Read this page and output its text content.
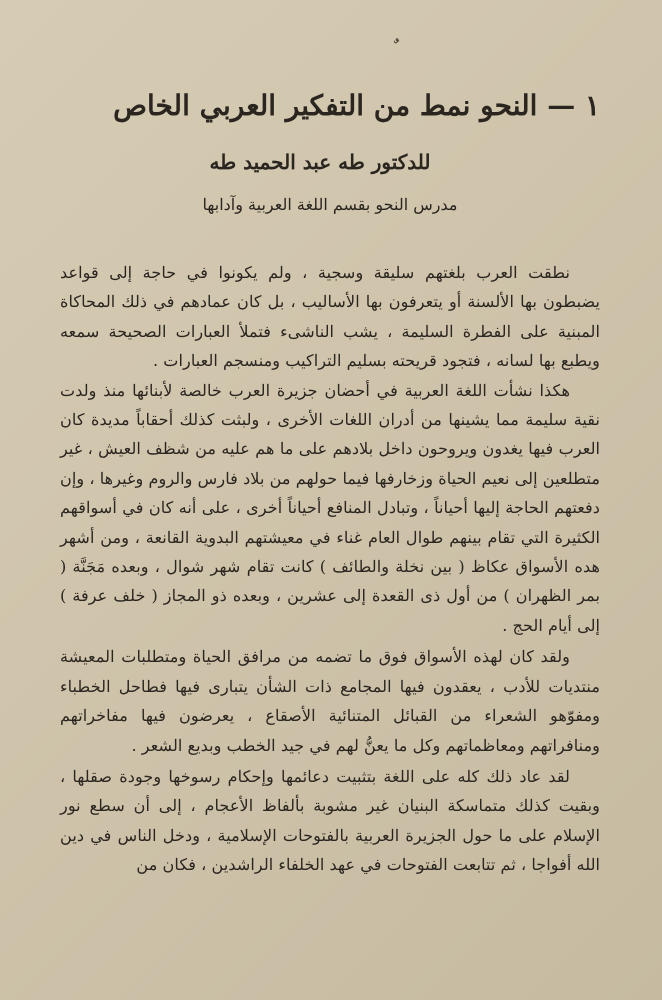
١ — النحو نمط من التفكير العربي الخاص
للدكتور طه عبد الحميد طه
مدرس النحو بقسم اللغة العربية وآدابها

نطقت العرب بلغتهم سليقة وسجية ، ولم يكونوا في حاجة إلى قواعد يضبطون بها الألسنة أو يتعرفون بها الأساليب ، بل كان عمادهم في ذلك المحاكاة المبنية على الفطرة السليمة ، يشب الناشىء فتملأ العبارات الصحيحة سمعه ويطبع بها لسانه ، فتجود قريحته بسليم التراكيب ومنسجم العبارات .

هكذا نشأت اللغة العربية في أحضان جزيرة العرب خالصة لأبنائها منذ ولدت نقية سليمة مما يشينها من أدران اللغات الأخرى ، ولبثت كذلك أحقاباً مديدة كان العرب فيها يغدون ويروحون داخل بلادهم على ما هم عليه من شظف العيش ، غير متطلعين إلى نعيم الحياة وزخارفها فيما حولهم من بلاد فارس والروم وغيرها ، وإن دفعتهم الحاجة إليها أحياناً ، وتبادل المنافع أحياناً أخرى ، على أنه كان في أسواقهم الكثيرة التي تقام بينهم طوال العام غناء في معيشتهم البدوية القانعة ، ومن أشهر هده الأسواق عكاظ ( بين نخلة والطائف ) كانت تقام شهر شوال ، وبعده مَجَنَّة ( بمر الظهران ) من أول ذى القعدة إلى عشرين ، وبعده ذو المجاز ( خلف عرفة ) إلى أيام الحج .

ولقد كان لهذه الأسواق فوق ما تضمه من مرافق الحياة ومتطلبات المعيشة منتديات للأدب ، يعقدون فيها المجامع ذات الشأن يتبارى فيها فطاحل الخطباء ومفوّهو الشعراء من القبائل المتنائية الأصقاع ، يعرضون فيها مفاخراتهم ومنافراتهم ومعاظماتهم وكل ما يعنُّ لهم في جيد الخطب وبديع الشعر .

لقد عاد ذلك كله على اللغة بتثبيت دعائمها وإحكام رسوخها وجودة صقلها ، وبقيت كذلك متماسكة البنيان غير مشوبة بألفاظ الأعجام ، إلى أن سطع نور الإسلام على ما حول الجزيرة العربية بالفتوحات الإسلامية ، ودخل الناس في دين الله أفواجا ، ثم تتابعت الفتوحات في عهد الخلفاء الراشدين ، فكان من
